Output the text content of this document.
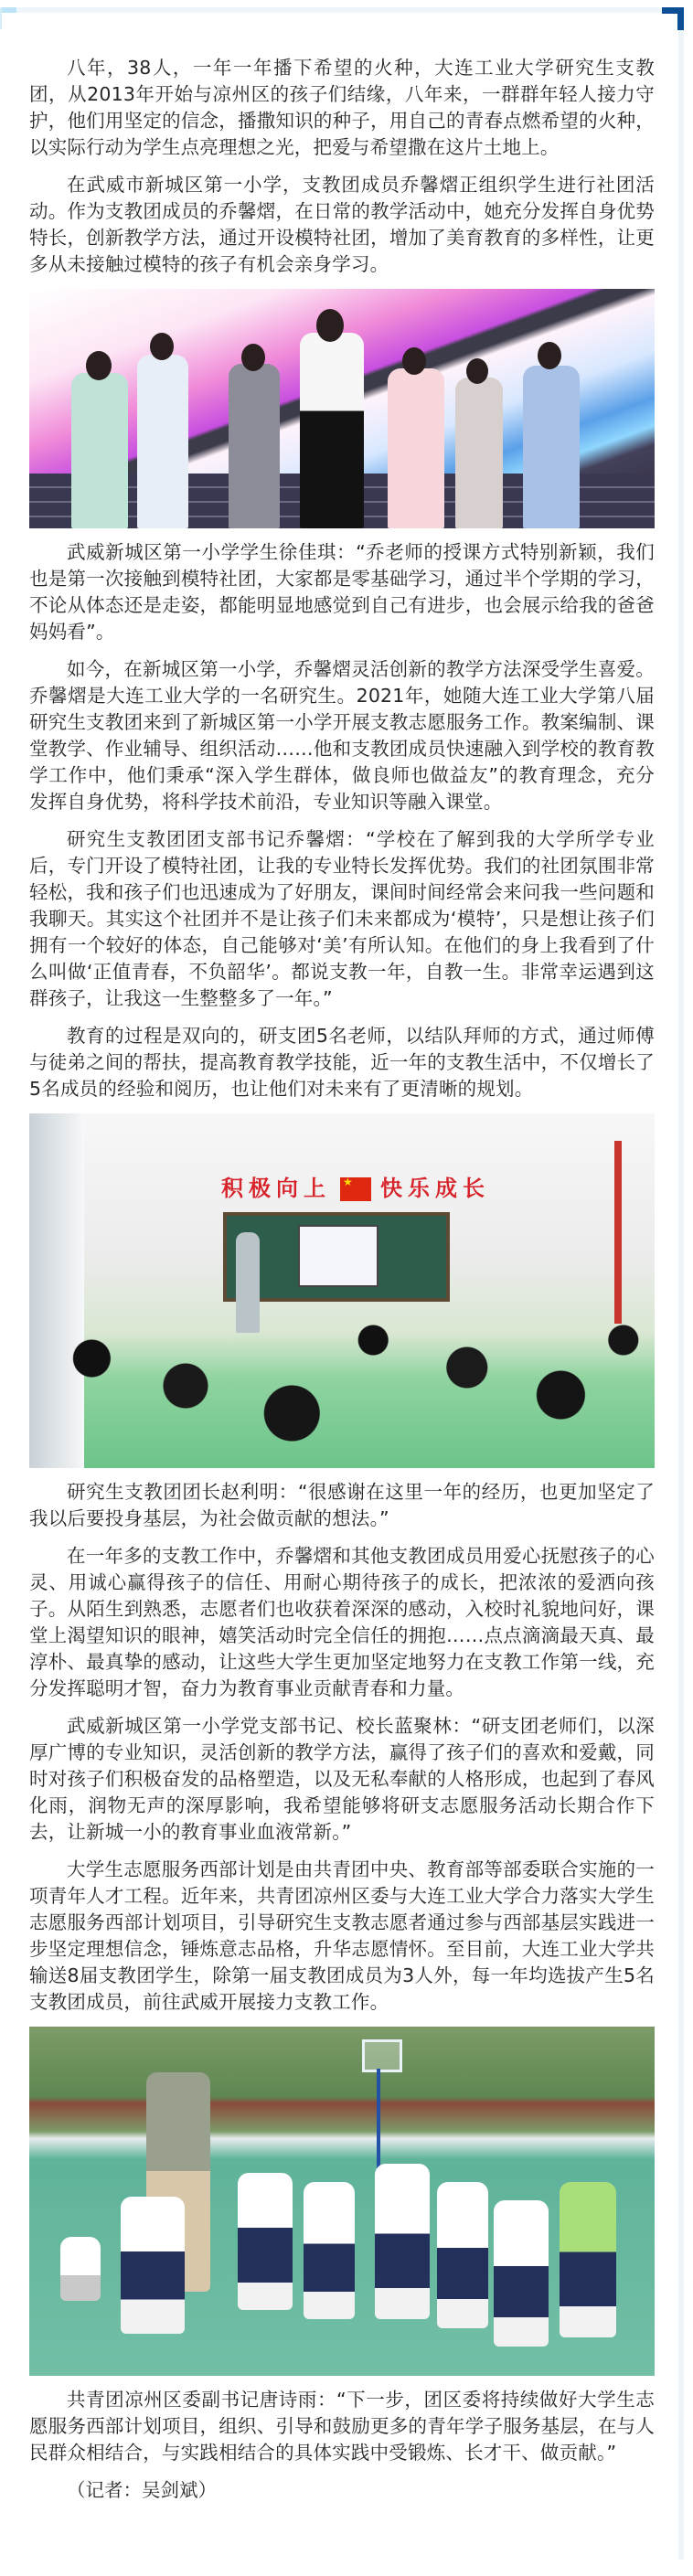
八年，38人，一年一年播下希望的火种，大连工业大学研究生支教团，从2013年开始与凉州区的孩子们结缘，八年来，一群群年轻人接力守护，他们用坚定的信念，播撒知识的种子，用自己的青春点燃希望的火种，以实际行动为学生点亮理想之光，把爱与希望撒在这片土地上。

在武威市新城区第一小学，支教团成员乔馨熠正组织学生进行社团活动。作为支教团成员的乔馨熠，在日常的教学活动中，她充分发挥自身优势特长，创新教学方法，通过开设模特社团，增加了美育教育的多样性，让更多从未接触过模特的孩子有机会亲身学习。

武威新城区第一小学学生徐佳琪：“乔老师的授课方式特别新颖，我们也是第一次接触到模特社团，大家都是零基础学习，通过半个学期的学习，不论从体态还是走姿，都能明显地感觉到自己有进步，也会展示给我的爸爸妈妈看”。

如今，在新城区第一小学，乔馨熠灵活创新的教学方法深受学生喜爱。乔馨熠是大连工业大学的一名研究生。2021年，她随大连工业大学第八届研究生支教团来到了新城区第一小学开展支教志愿服务工作。教案编制、课堂教学、作业辅导、组织活动……他和支教团成员快速融入到学校的教育教学工作中，他们秉承“深入学生群体，做良师也做益友”的教育理念，充分发挥自身优势，将科学技术前沿，专业知识等融入课堂。

研究生支教团团支部书记乔馨熠：“学校在了解到我的大学所学专业后，专门开设了模特社团，让我的专业特长发挥优势。我们的社团氛围非常轻松，我和孩子们也迅速成为了好朋友，课间时间经常会来问我一些问题和我聊天。其实这个社团并不是让孩子们未来都成为‘模特’，只是想让孩子们拥有一个较好的体态，自己能够对‘美’有所认知。在他们的身上我看到了什么叫做‘正值青春，不负韶华’。都说支教一年，自教一生。非常幸运遇到这群孩子，让我这一生整整多了一年。”

教育的过程是双向的，研支团5名老师，以结队拜师的方式，通过师傅与徒弟之间的帮扶，提高教育教学技能，近一年的支教生活中，不仅增长了5名成员的经验和阅历，也让他们对未来有了更清晰的规划。

积极向上 ★ 快乐成长

研究生支教团团长赵利明：“很感谢在这里一年的经历，也更加坚定了我以后要投身基层，为社会做贡献的想法。”

在一年多的支教工作中，乔馨熠和其他支教团成员用爱心抚慰孩子的心灵、用诚心赢得孩子的信任、用耐心期待孩子的成长，把浓浓的爱洒向孩子。从陌生到熟悉，志愿者们也收获着深深的感动，入校时礼貌地问好，课堂上渴望知识的眼神，嬉笑活动时完全信任的拥抱……点点滴滴最天真、最淳朴、最真挚的感动，让这些大学生更加坚定地努力在支教工作第一线，充分发挥聪明才智，奋力为教育事业贡献青春和力量。

武威新城区第一小学党支部书记、校长蓝聚林：“研支团老师们，以深厚广博的专业知识，灵活创新的教学方法，赢得了孩子们的喜欢和爱戴，同时对孩子们积极奋发的品格塑造，以及无私奉献的人格形成，也起到了春风化雨，润物无声的深厚影响，我希望能够将研支志愿服务活动长期合作下去，让新城一小的教育事业血液常新。”

大学生志愿服务西部计划是由共青团中央、教育部等部委联合实施的一项青年人才工程。近年来，共青团凉州区委与大连工业大学合力落实大学生志愿服务西部计划项目，引导研究生支教志愿者通过参与西部基层实践进一步坚定理想信念，锤炼意志品格，升华志愿情怀。至目前，大连工业大学共输送8届支教团学生，除第一届支教团成员为3人外，每一年均选拔产生5名支教团成员，前往武威开展接力支教工作。

共青团凉州区委副书记唐诗雨：“下一步，团区委将持续做好大学生志愿服务西部计划项目，组织、引导和鼓励更多的青年学子服务基层，在与人民群众相结合，与实践相结合的具体实践中受锻炼、长才干、做贡献。”

（记者：吴剑斌）
